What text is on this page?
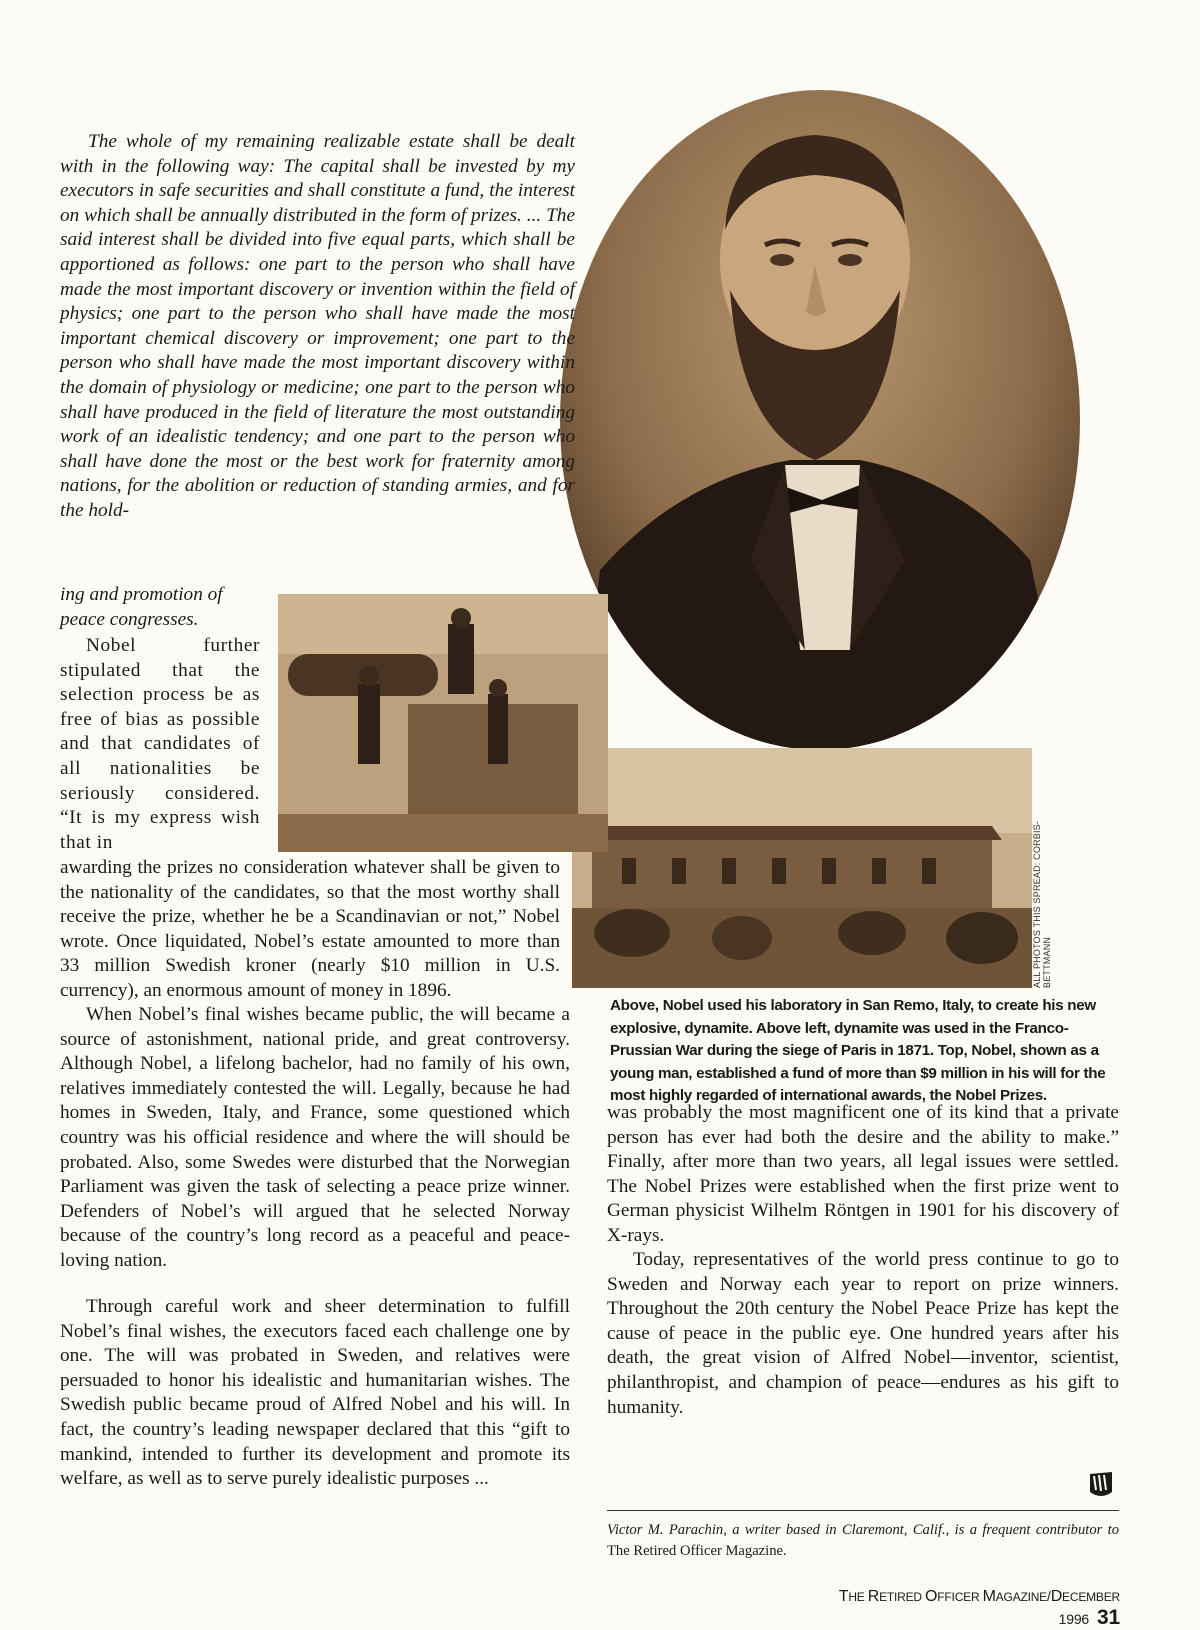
ALL PHOTOS THIS SPREAD: CORBIS-BETTMANN

The whole of my remaining realizable estate shall be dealt with in the following way: The capital shall be invested by my executors in safe securities and shall constitute a fund, the interest on which shall be annually distributed in the form of prizes. ... The said interest shall be divided into five equal parts, which shall be apportioned as follows: one part to the person who shall have made the most important discovery or invention within the field of physics; one part to the person who shall have made the most important chemical discovery or improvement; one part to the person who shall have made the most important discovery within the domain of physiology or medicine; one part to the person who shall have produced in the field of literature the most outstanding work of an idealistic tendency; and one part to the person who shall have done the most or the best work for fraternity among nations, for the abolition or reduction of standing armies, and for the hold-

ing and promotion of peace congresses.

Nobel further stipulated that the selection process be as free of bias as possible and that candidates of all nationalities be seriously considered. “It is my express wish that in

awarding the prizes no consideration whatever shall be given to the nationality of the candidates, so that the most worthy shall receive the prize, whether he be a Scandinavian or not,” Nobel wrote. Once liquidated, Nobel’s estate amounted to more than 33 million Swedish kroner (nearly $10 million in U.S. currency), an enormous amount of money in 1896.

When Nobel’s final wishes became public, the will became a source of astonishment, national pride, and great controversy. Although Nobel, a lifelong bachelor, had no family of his own, relatives immediately contested the will. Legally, because he had homes in Sweden, Italy, and France, some questioned which country was his official residence and where the will should be probated. Also, some Swedes were disturbed that the Norwegian Parliament was given the task of selecting a peace prize winner. Defenders of Nobel’s will argued that he selected Norway because of the country’s long record as a peaceful and peace-loving nation.

Through careful work and sheer determination to fulfill Nobel’s final wishes, the executors faced each challenge one by one. The will was probated in Sweden, and relatives were persuaded to honor his idealistic and humanitarian wishes. The Swedish public became proud of Alfred Nobel and his will. In fact, the country’s leading newspaper declared that this “gift to mankind, intended to further its development and promote its welfare, as well as to serve purely idealistic purposes ...

Above, Nobel used his laboratory in San Remo, Italy, to create his new explosive, dynamite. Above left, dynamite was used in the Franco-Prussian War during the siege of Paris in 1871. Top, Nobel, shown as a young man, established a fund of more than $9 million in his will for the most highly regarded of international awards, the Nobel Prizes.

was probably the most magnificent one of its kind that a private person has ever had both the desire and the ability to make.” Finally, after more than two years, all legal issues were settled. The Nobel Prizes were established when the first prize went to German physicist Wilhelm Röntgen in 1901 for his discovery of X-rays.

Today, representatives of the world press continue to go to Sweden and Norway each year to report on prize winners. Throughout the 20th century the Nobel Peace Prize has kept the cause of peace in the public eye. One hundred years after his death, the great vision of Alfred Nobel—inventor, scientist, philanthropist, and champion of peace—endures as his gift to humanity.

Victor M. Parachin, a writer based in Claremont, Calif., is a frequent contributor to The Retired Officer Magazine.

THE RETIRED OFFICER MAGAZINE/DECEMBER 1996 31
